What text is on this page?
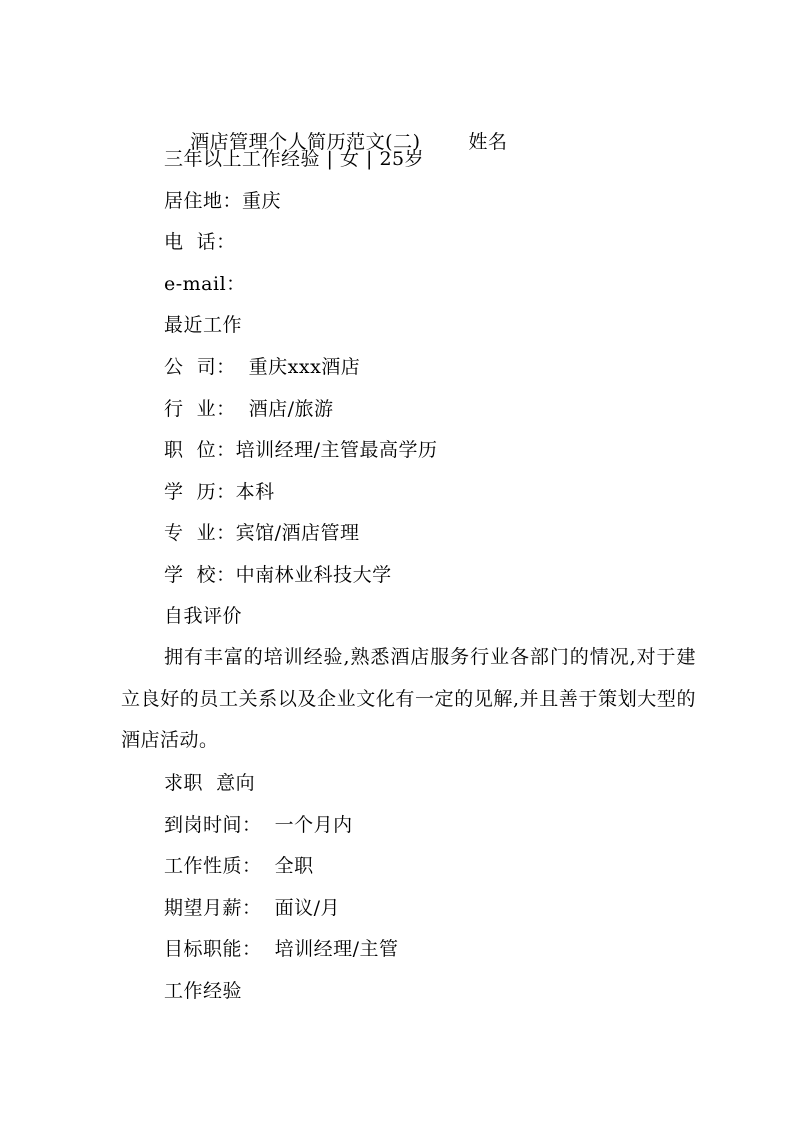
酒店管理个人简历范文(二)	姓名

三年以上工作经验 | 女 | 25岁
居住地：重庆
电  话：
e-mail：
最近工作
公  司：  重庆xxx酒店
行  业：  酒店/旅游
职  位：培训经理/主管最高学历
学  历：本科
专  业：宾馆/酒店管理
学  校：中南林业科技大学
自我评价
拥有丰富的培训经验,熟悉酒店服务行业各部门的情况,对于建立良好的员工关系以及企业文化有一定的见解,并且善于策划大型的酒店活动。
求职  意向
到岗时间：  一个月内
工作性质：  全职
期望月薪：  面议/月
目标职能：  培训经理/主管
工作经验
